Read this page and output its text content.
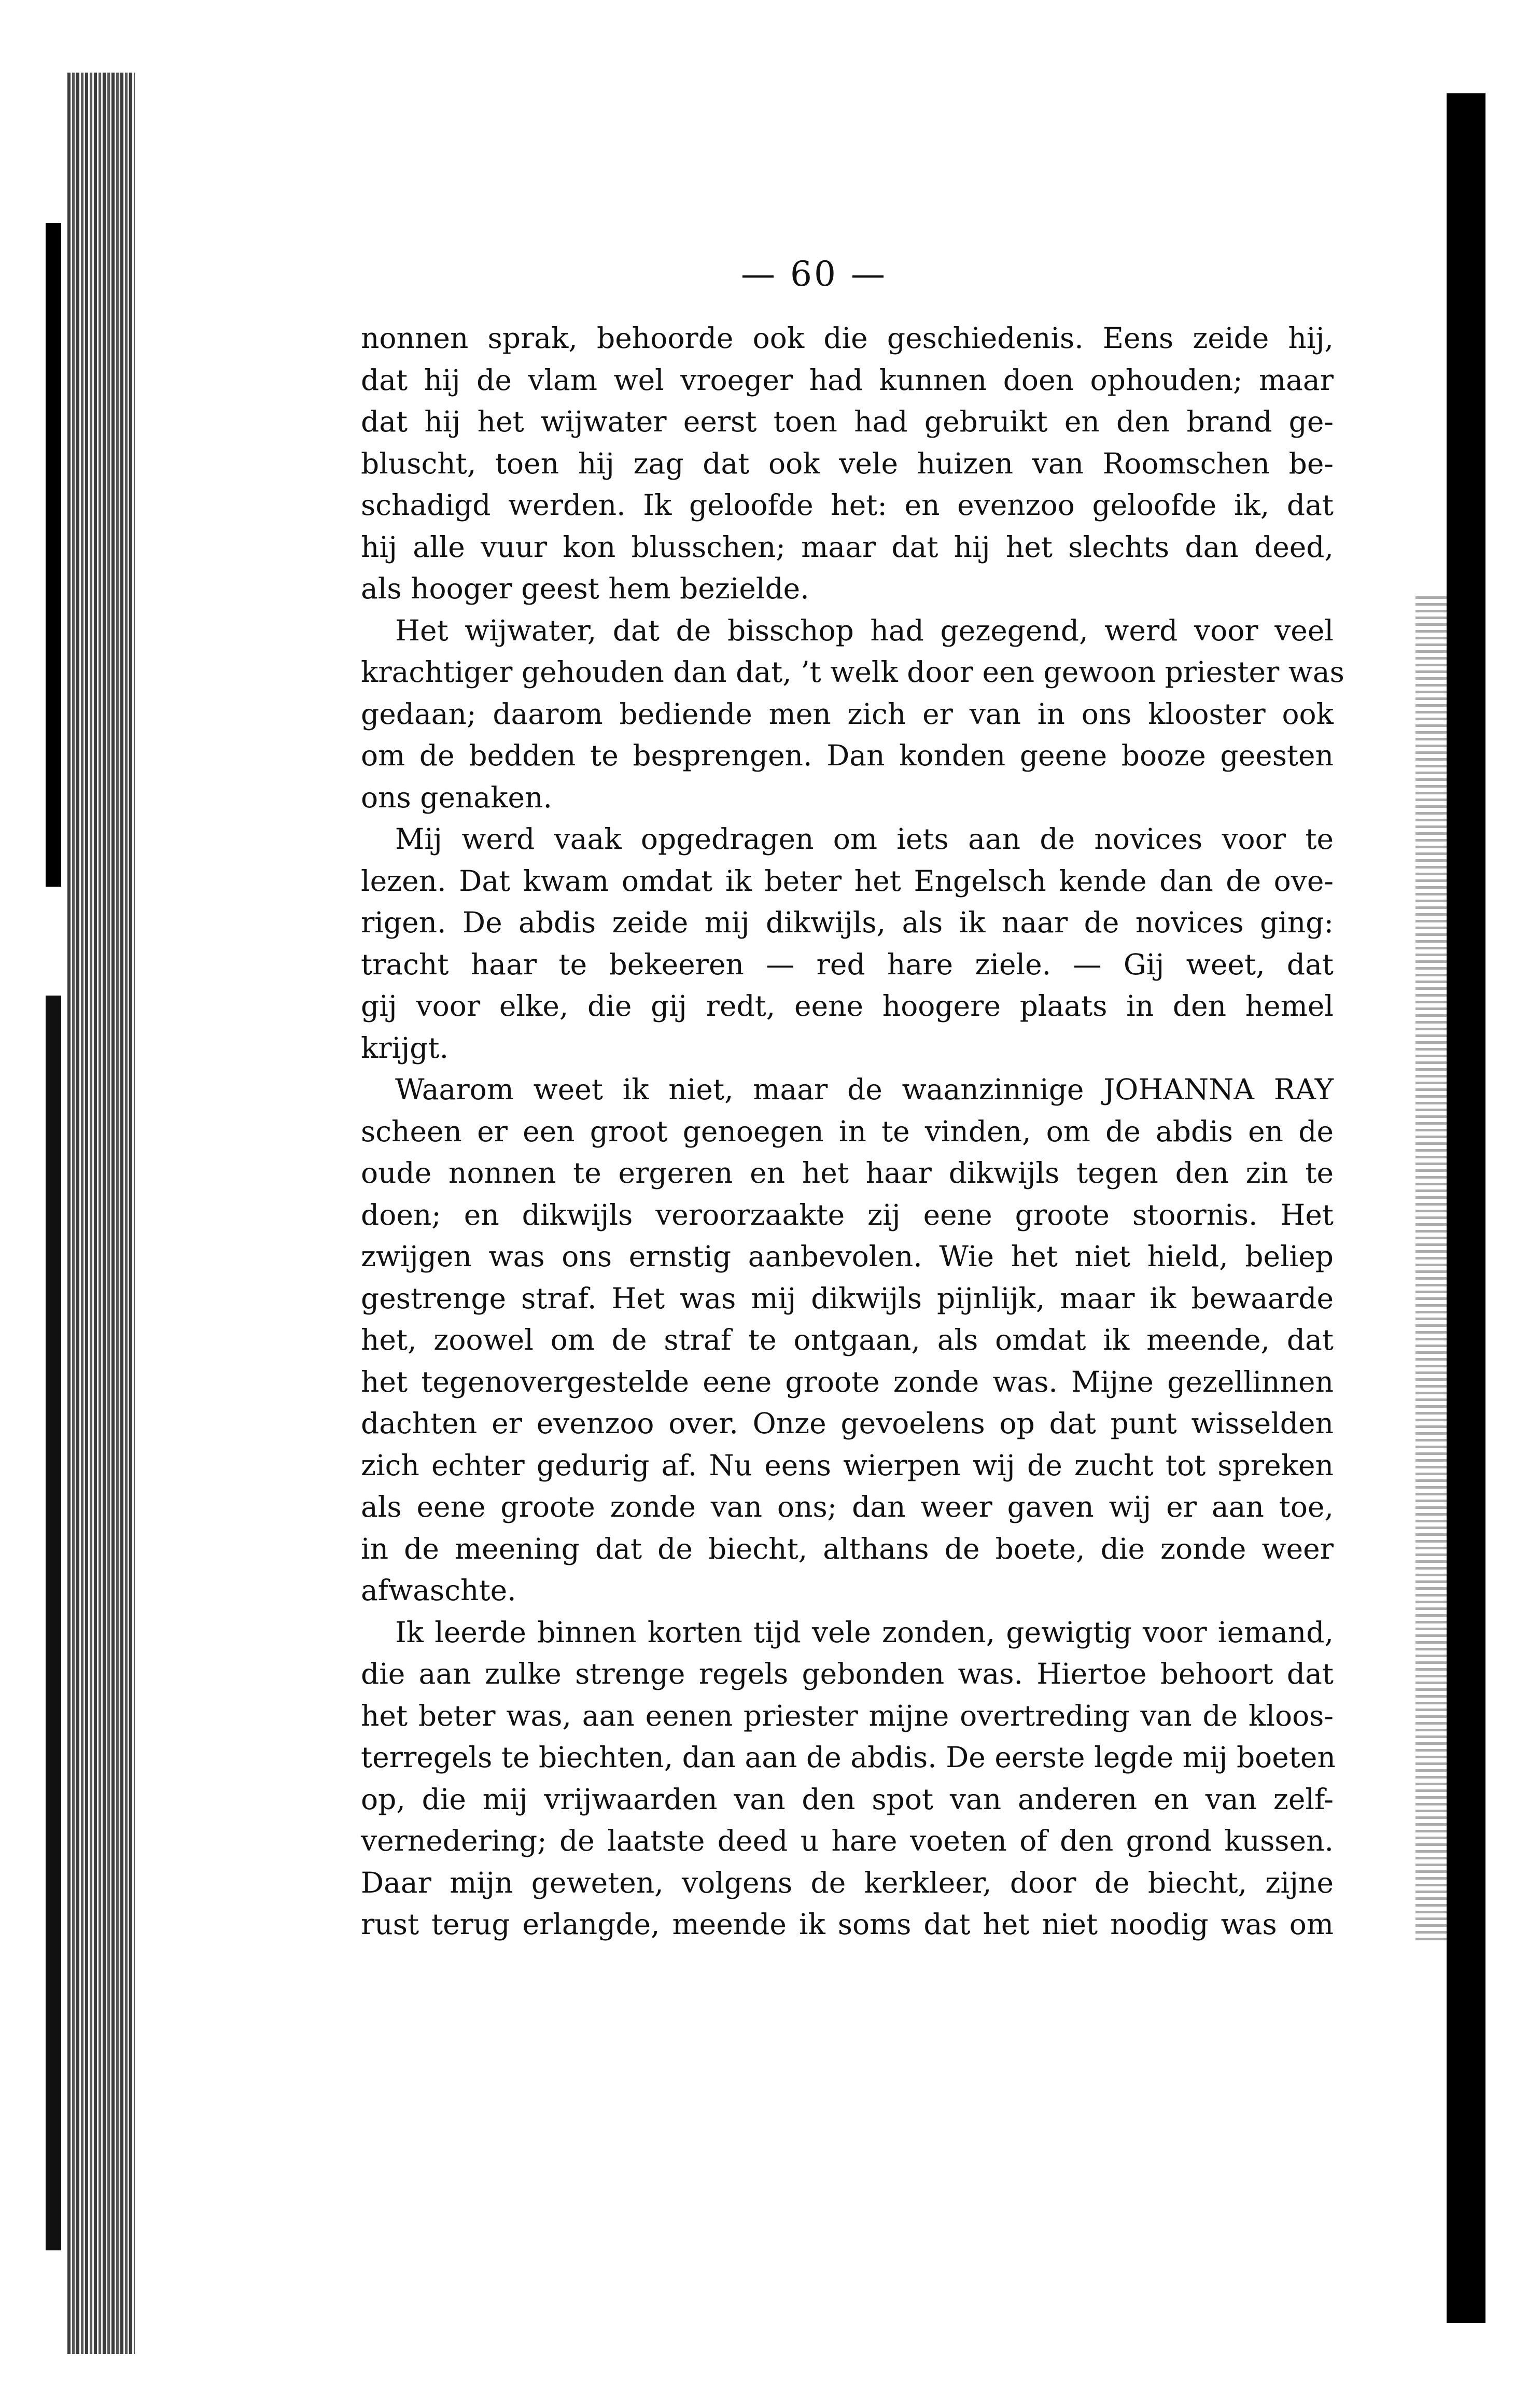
— 60 —

nonnen sprak, behoorde ook die geschiedenis. Eens zeide hij,
dat hij de vlam wel vroeger had kunnen doen ophouden; maar
dat hij het wijwater eerst toen had gebruikt en den brand ge-
bluscht, toen hij zag dat ook vele huizen van Roomschen be-
schadigd werden. Ik geloofde het: en evenzoo geloofde ik, dat
hij alle vuur kon blusschen; maar dat hij het slechts dan deed,
als hooger geest hem bezielde.

Het wijwater, dat de bisschop had gezegend, werd voor veel
krachtiger gehouden dan dat, ’t welk door een gewoon priester was
gedaan; daarom bediende men zich er van in ons klooster ook
om de bedden te besprengen. Dan konden geene booze geesten
ons genaken.

Mij werd vaak opgedragen om iets aan de novices voor te
lezen. Dat kwam omdat ik beter het Engelsch kende dan de ove-
rigen. De abdis zeide mij dikwijls, als ik naar de novices ging:
tracht haar te bekeeren — red hare ziele. — Gij weet, dat
gij voor elke, die gij redt, eene hoogere plaats in den hemel
krijgt.

Waarom weet ik niet, maar de waanzinnige JOHANNA RAY
scheen er een groot genoegen in te vinden, om de abdis en de
oude nonnen te ergeren en het haar dikwijls tegen den zin te
doen; en dikwijls veroorzaakte zij eene groote stoornis. Het
zwijgen was ons ernstig aanbevolen. Wie het niet hield, beliep
gestrenge straf. Het was mij dikwijls pijnlijk, maar ik bewaarde
het, zoowel om de straf te ontgaan, als omdat ik meende, dat
het tegenovergestelde eene groote zonde was. Mijne gezellinnen
dachten er evenzoo over. Onze gevoelens op dat punt wisselden
zich echter gedurig af. Nu eens wierpen wij de zucht tot spreken
als eene groote zonde van ons; dan weer gaven wij er aan toe,
in de meening dat de biecht, althans de boete, die zonde weer
afwaschte.

Ik leerde binnen korten tijd vele zonden, gewigtig voor iemand,
die aan zulke strenge regels gebonden was. Hiertoe behoort dat
het beter was, aan eenen priester mijne overtreding van de kloos-
terregels te biechten, dan aan de abdis. De eerste legde mij boeten
op, die mij vrijwaarden van den spot van anderen en van zelf-
vernedering; de laatste deed u hare voeten of den grond kussen.
Daar mijn geweten, volgens de kerkleer, door de biecht, zijne
rust terug erlangde, meende ik soms dat het niet noodig was om
